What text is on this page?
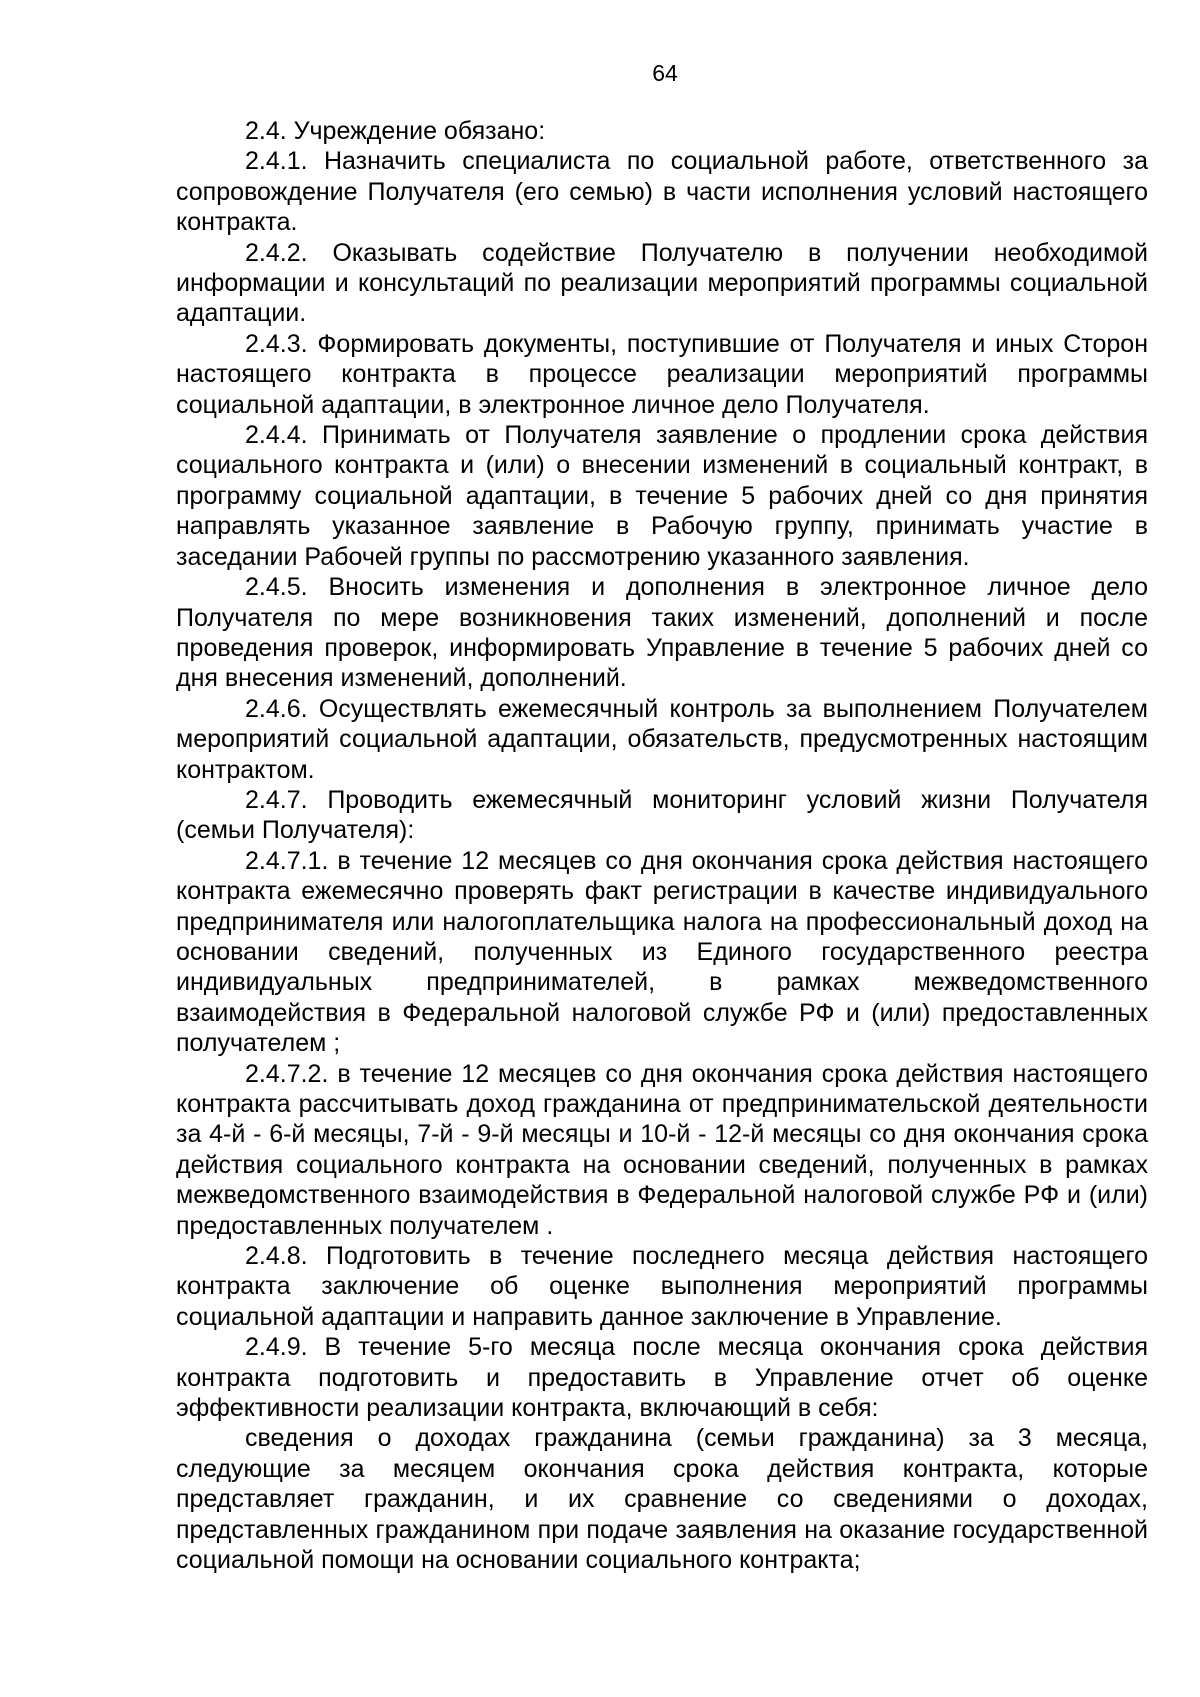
64

2.4. Учреждение обязано:

2.4.1. Назначить специалиста по социальной работе, ответственного за сопровождение Получателя (его семью) в части исполнения условий настоящего контракта.

2.4.2. Оказывать содействие Получателю в получении необходимой информации и консультаций по реализации мероприятий программы социальной адаптации.

2.4.3. Формировать документы, поступившие от Получателя и иных Сторон настоящего контракта в процессе реализации мероприятий программы социальной адаптации, в электронное личное дело Получателя.

2.4.4. Принимать от Получателя заявление о продлении срока действия социального контракта и (или) о внесении изменений в социальный контракт, в программу социальной адаптации, в течение 5 рабочих дней со дня принятия направлять указанное заявление в Рабочую группу, принимать участие в заседании Рабочей группы по рассмотрению указанного заявления.

2.4.5. Вносить изменения и дополнения в электронное личное дело Получателя по мере возникновения таких изменений, дополнений и после проведения проверок, информировать Управление в течение 5 рабочих дней со дня внесения изменений, дополнений.

2.4.6. Осуществлять ежемесячный контроль за выполнением Получателем мероприятий социальной адаптации, обязательств, предусмотренных настоящим контрактом.

2.4.7. Проводить ежемесячный мониторинг условий жизни Получателя (семьи Получателя):

2.4.7.1. в течение 12 месяцев со дня окончания срока действия настоящего контракта ежемесячно проверять факт регистрации в качестве индивидуального предпринимателя или налогоплательщика налога на профессиональный доход на основании сведений, полученных из Единого государственного реестра индивидуальных предпринимателей, в рамках межведомственного взаимодействия в Федеральной налоговой службе РФ и (или) предоставленных получателем ;

2.4.7.2. в течение 12 месяцев со дня окончания срока действия настоящего контракта рассчитывать доход гражданина от предпринимательской деятельности за 4-й - 6-й месяцы, 7-й - 9-й месяцы и 10-й - 12-й месяцы со дня окончания срока действия социального контракта на основании сведений, полученных в рамках межведомственного взаимодействия в Федеральной налоговой службе РФ и (или) предоставленных получателем .

2.4.8. Подготовить в течение последнего месяца действия настоящего контракта заключение об оценке выполнения мероприятий программы социальной адаптации и направить данное заключение в Управление.

2.4.9. В течение 5-го месяца после месяца окончания срока действия контракта подготовить и предоставить в Управление отчет об оценке эффективности реализации контракта, включающий в себя:

сведения о доходах гражданина (семьи гражданина) за 3 месяца, следующие за месяцем окончания срока действия контракта, которые представляет гражданин, и их сравнение со сведениями о доходах, представленных гражданином при подаче заявления на оказание государственной социальной помощи на основании социального контракта;
